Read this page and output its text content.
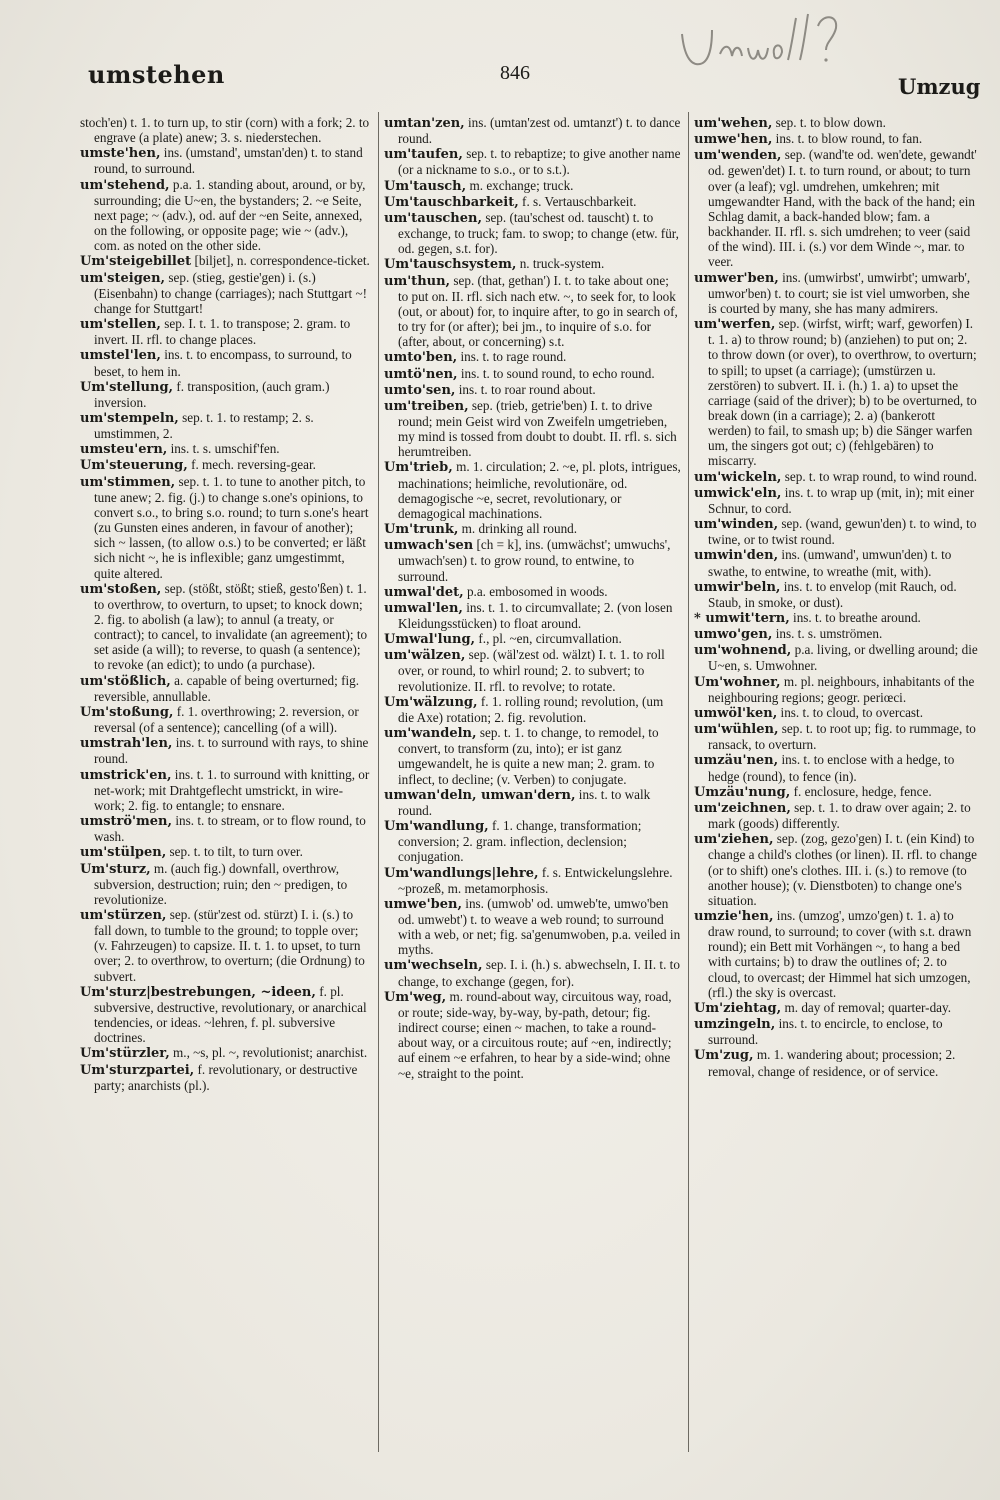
umstehen	846
Umzug

stoch'en) t. 1. to turn up, to stir (corn) with a fork; 2. to engrave (a plate) anew; 3. s. niederstechen.

umste'hen, ins. (umstand', umstan'den) t. to stand round, to surround.

um'stehend, p.a. 1. standing about, around, or by, surrounding; die U~en, the bystanders; 2. ~e Seite, next page; ~ (adv.), od. auf der ~en Seite, annexed, on the following, or opposite page; wie ~ (adv.), com. as noted on the other side.

Um'steigebillet [biljet], n. correspondence-ticket.

um'steigen, sep. (stieg, gestie'gen) i. (s.) (Eisenbahn) to change (carriages); nach Stuttgart ~! change for Stuttgart!

um'stellen, sep. I. t. 1. to transpose; 2. gram. to invert. II. rfl. to change places.

umstel'len, ins. t. to encompass, to surround, to beset, to hem in.

Um'stellung, f. transposition, (auch gram.) inversion.

um'stempeln, sep. t. 1. to restamp; 2. s. umstimmen, 2.

umsteu'ern, ins. t. s. umschif'fen.

Um'steuerung, f. mech. reversing-gear.

um'stimmen, sep. t. 1. to tune to another pitch, to tune anew; 2. fig. (j.) to change s.one's opinions, to convert s.o., to bring s.o. round; to turn s.one's heart (zu Gunsten eines anderen, in favour of another); sich ~ lassen, (to allow o.s.) to be converted; er läßt sich nicht ~, he is inflexible; ganz umgestimmt, quite altered.

um'stoßen, sep. (stößt, stößt; stieß, gesto'ßen) t. 1. to overthrow, to overturn, to upset; to knock down; 2. fig. to abolish (a law); to annul (a treaty, or contract); to cancel, to invalidate (an agreement); to set aside (a will); to reverse, to quash (a sentence); to revoke (an edict); to undo (a purchase).

um'stößlich, a. capable of being overturned; fig. reversible, annullable.

Um'stoßung, f. 1. overthrowing; 2. reversion, or reversal (of a sentence); cancelling (of a will).

umstrah'len, ins. t. to surround with rays, to shine round.

umstrick'en, ins. t. 1. to surround with knitting, or net-work; mit Drahtgeflecht umstrickt, in wire-work; 2. fig. to entangle; to ensnare.

umströ'men, ins. t. to stream, or to flow round, to wash.

um'stülpen, sep. t. to tilt, to turn over.

Um'sturz, m. (auch fig.) downfall, overthrow, subversion, destruction; ruin; den ~ predigen, to revolutionize.

um'stürzen, sep. (stür'zest od. stürzt) I. i. (s.) to fall down, to tumble to the ground; to topple over; (v. Fahrzeugen) to capsize. II. t. 1. to upset, to turn over; 2. to overthrow, to overturn; (die Ordnung) to subvert.

Um'sturz|bestrebungen, ~ideen, f. pl. subversive, destructive, revolutionary, or anarchical tendencies, or ideas. ~lehren, f. pl. subversive doctrines.

Um'stürzler, m., ~s, pl. ~, revolutionist; anarchist.

Um'sturzpartei, f. revolutionary, or destructive party; anarchists (pl.).

umtan'zen, ins. (umtan'zest od. umtanzt') t. to dance round.

um'taufen, sep. t. to rebaptize; to give another name (or a nickname to s.o., or to s.t.).

Um'tausch, m. exchange; truck.

Um'tauschbarkeit, f. s. Vertauschbarkeit.

um'tauschen, sep. (tau'schest od. tauscht) t. to exchange, to truck; fam. to swop; to change (etw. für, od. gegen, s.t. for).

Um'tauschsystem, n. truck-system.

um'thun, sep. (that, gethan') I. t. to take about one; to put on. II. rfl. sich nach etw. ~, to seek for, to look (out, or about) for, to inquire after, to go in search of, to try for (or after); bei jm., to inquire of s.o. for (after, about, or concerning) s.t.

umto'ben, ins. t. to rage round.

umtö'nen, ins. t. to sound round, to echo round.

umto'sen, ins. t. to roar round about.

um'treiben, sep. (trieb, getrie'ben) I. t. to drive round; mein Geist wird von Zweifeln umgetrieben, my mind is tossed from doubt to doubt. II. rfl. s. sich herumtreiben.

Um'trieb, m. 1. circulation; 2. ~e, pl. plots, intrigues, machinations; heimliche, revolutionäre, od. demagogische ~e, secret, revolutionary, or demagogical machinations.

Um'trunk, m. drinking all round.

umwach'sen [ch = k], ins. (umwächst'; umwuchs', umwach'sen) t. to grow round, to entwine, to surround.

umwal'det, p.a. embosomed in woods.

umwal'len, ins. t. 1. to circumvallate; 2. (von losen Kleidungsstücken) to float around.

Umwal'lung, f., pl. ~en, circumvallation.

um'wälzen, sep. (wäl'zest od. wälzt) I. t. 1. to roll over, or round, to whirl round; 2. to subvert; to revolutionize. II. rfl. to revolve; to rotate.

Um'wälzung, f. 1. rolling round; revolution, (um die Axe) rotation; 2. fig. revolution.

um'wandeln, sep. t. 1. to change, to remodel, to convert, to transform (zu, into); er ist ganz umgewandelt, he is quite a new man; 2. gram. to inflect, to decline; (v. Verben) to conjugate.

umwan'deln, umwan'dern, ins. t. to walk round.

Um'wandlung, f. 1. change, transformation; conversion; 2. gram. inflection, declension; conjugation.

Um'wandlungs|lehre, f. s. Entwickelungslehre. ~prozeß, m. metamorphosis.

umwe'ben, ins. (umwob' od. umweb'te, umwo'ben od. umwebt') t. to weave a web round; to surround with a web, or net; fig. sa'genumwoben, p.a. veiled in myths.

um'wechseln, sep. I. i. (h.) s. abwechseln, I. II. t. to change, to exchange (gegen, for).

Um'weg, m. round-about way, circuitous way, road, or route; side-way, by-way, by-path, detour; fig. indirect course; einen ~ machen, to take a round-about way, or a circuitous route; auf ~en, indirectly; auf einem ~e erfahren, to hear by a side-wind; ohne ~e, straight to the point.

um'wehen, sep. t. to blow down.

umwe'hen, ins. t. to blow round, to fan.

um'wenden, sep. (wand'te od. wen'dete, gewandt' od. gewen'det) I. t. to turn round, or about; to turn over (a leaf); vgl. umdrehen, umkehren; mit umgewandter Hand, with the back of the hand; ein Schlag damit, a back-handed blow; fam. a backhander. II. rfl. s. sich umdrehen; to veer (said of the wind). III. i. (s.) vor dem Winde ~, mar. to veer.

umwer'ben, ins. (umwirbst', umwirbt'; umwarb', umwor'ben) t. to court; sie ist viel umworben, she is courted by many, she has many admirers.

um'werfen, sep. (wirfst, wirft; warf, geworfen) I. t. 1. a) to throw round; b) (anziehen) to put on; 2. to throw down (or over), to overthrow, to overturn; to spill; to upset (a carriage); (umstürzen u. zerstören) to subvert. II. i. (h.) 1. a) to upset the carriage (said of the driver); b) to be overturned, to break down (in a carriage); 2. a) (bankerott werden) to fail, to smash up; b) die Sänger warfen um, the singers got out; c) (fehlgebären) to miscarry.

um'wickeln, sep. t. to wrap round, to wind round.

umwick'eln, ins. t. to wrap up (mit, in); mit einer Schnur, to cord.

um'winden, sep. (wand, gewun'den) t. to wind, to twine, or to twist round.

umwin'den, ins. (umwand', umwun'den) t. to swathe, to entwine, to wreathe (mit, with).

umwir'beln, ins. t. to envelop (mit Rauch, od. Staub, in smoke, or dust).

* umwit'tern, ins. t. to breathe around.

umwo'gen, ins. t. s. umströmen.

um'wohnend, p.a. living, or dwelling around; die U~en, s. Umwohner.

Um'wohner, m. pl. neighbours, inhabitants of the neighbouring regions; geogr. periœci.

umwöl'ken, ins. t. to cloud, to overcast.

um'wühlen, sep. t. to root up; fig. to rummage, to ransack, to overturn.

umzäu'nen, ins. t. to enclose with a hedge, to hedge (round), to fence (in).

Umzäu'nung, f. enclosure, hedge, fence.

um'zeichnen, sep. t. 1. to draw over again; 2. to mark (goods) differently.

um'ziehen, sep. (zog, gezo'gen) I. t. (ein Kind) to change a child's clothes (or linen). II. rfl. to change (or to shift) one's clothes. III. i. (s.) to remove (to another house); (v. Dienstboten) to change one's situation.

umzie'hen, ins. (umzog', umzo'gen) t. 1. a) to draw round, to surround; to cover (with s.t. drawn round); ein Bett mit Vorhängen ~, to hang a bed with curtains; b) to draw the outlines of; 2. to cloud, to overcast; der Himmel hat sich umzogen, (rfl.) the sky is overcast.

Um'ziehtag, m. day of removal; quarter-day.

umzingeln, ins. t. to encircle, to enclose, to surround.

Um'zug, m. 1. wandering about; procession; 2. removal, change of residence, or of service.
